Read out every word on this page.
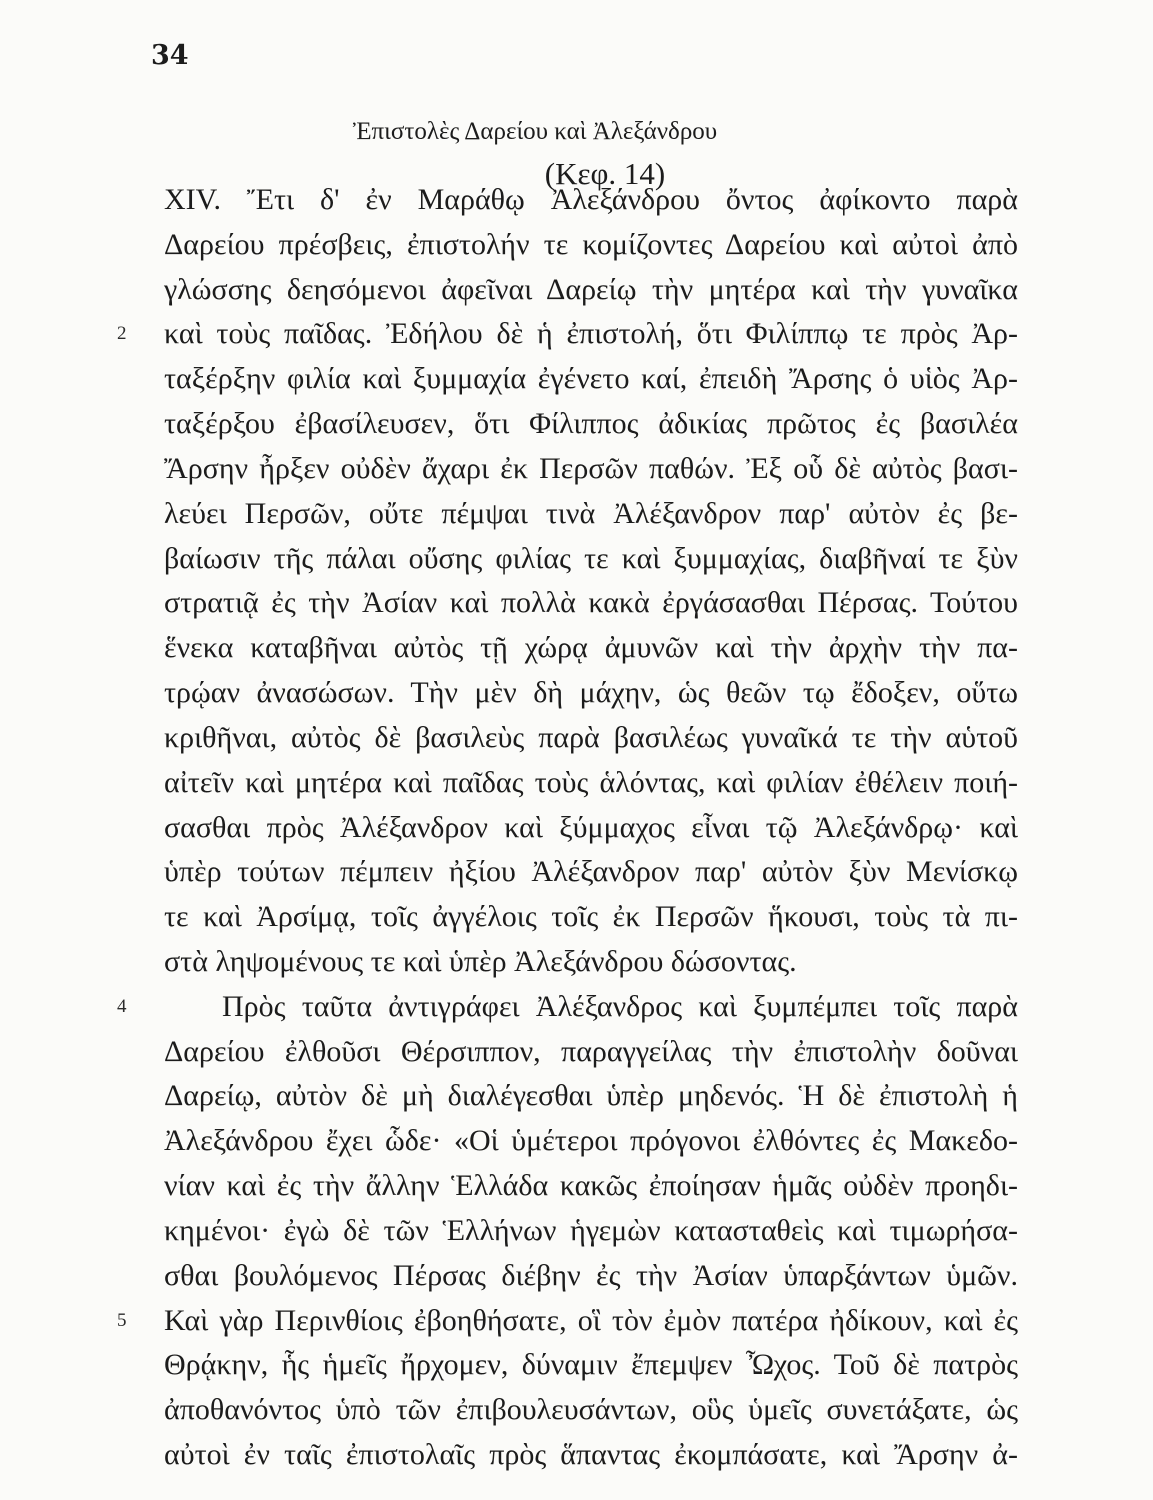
34
Ἐπιστολὲς Δαρείου καὶ Ἀλεξάνδρου
(Κεφ. 14)
2
4
5
XIV. Ἔτι δ' ἐν Μαράθῳ Ἀλεξάνδρου ὄντος ἀφίκοντο παρὰ
Δαρείου πρέσβεις, ἐπιστολήν τε κομίζοντες Δαρείου καὶ αὐτοὶ ἀπὸ
γλώσσης δεησόμενοι ἀφεῖναι Δαρείῳ τὴν μητέρα καὶ τὴν γυναῖκα
καὶ τοὺς παῖδας. Ἐδήλου δὲ ἡ ἐπιστολή, ὅτι Φιλίππῳ τε πρὸς Ἀρ-
ταξέρξην φιλία καὶ ξυμμαχία ἐγένετο καί, ἐπειδὴ Ἄρσης ὁ υἱὸς Ἀρ-
ταξέρξου ἐβασίλευσεν, ὅτι Φίλιππος ἀδικίας πρῶτος ἐς βασιλέα
Ἄρσην ἦρξεν οὐδὲν ἄχαρι ἐκ Περσῶν παθών. Ἐξ οὗ δὲ αὐτὸς βασι-
λεύει Περσῶν, οὔτε πέμψαι τινὰ Ἀλέξανδρον παρ' αὐτὸν ἐς βε-
βαίωσιν τῆς πάλαι οὔσης φιλίας τε καὶ ξυμμαχίας, διαβῆναί τε ξὺν
στρατιᾷ ἐς τὴν Ἀσίαν καὶ πολλὰ κακὰ ἐργάσασθαι Πέρσας. Τούτου
ἕνεκα καταβῆναι αὐτὸς τῇ χώρᾳ ἀμυνῶν καὶ τὴν ἀρχὴν τὴν πα-
τρῴαν ἀνασώσων. Τὴν μὲν δὴ μάχην, ὡς θεῶν τῳ ἔδοξεν, οὕτω
κριθῆναι, αὐτὸς δὲ βασιλεὺς παρὰ βασιλέως γυναῖκά τε τὴν αὑτοῦ
αἰτεῖν καὶ μητέρα καὶ παῖδας τοὺς ἁλόντας, καὶ φιλίαν ἐθέλειν ποιή-
σασθαι πρὸς Ἀλέξανδρον καὶ ξύμμαχος εἶναι τῷ Ἀλεξάνδρῳ· καὶ
ὑπὲρ τούτων πέμπειν ἠξίου Ἀλέξανδρον παρ' αὐτὸν ξὺν Μενίσκῳ
τε καὶ Ἀρσίμᾳ, τοῖς ἀγγέλοις τοῖς ἐκ Περσῶν ἥκουσι, τοὺς τὰ πι-
στὰ ληψομένους τε καὶ ὑπὲρ Ἀλεξάνδρου δώσοντας.
Πρὸς ταῦτα ἀντιγράφει Ἀλέξανδρος καὶ ξυμπέμπει τοῖς παρὰ
Δαρείου ἐλθοῦσι Θέρσιππον, παραγγείλας τὴν ἐπιστολὴν δοῦναι
Δαρείῳ, αὐτὸν δὲ μὴ διαλέγεσθαι ὑπὲρ μηδενός. Ἡ δὲ ἐπιστολὴ ἡ
Ἀλεξάνδρου ἔχει ὧδε· «Οἱ ὑμέτεροι πρόγονοι ἐλθόντες ἐς Μακεδο-
νίαν καὶ ἐς τὴν ἄλλην Ἑλλάδα κακῶς ἐποίησαν ἡμᾶς οὐδὲν προηδι-
κημένοι· ἐγὼ δὲ τῶν Ἑλλήνων ἡγεμὼν κατασταθεὶς καὶ τιμωρήσα-
σθαι βουλόμενος Πέρσας διέβην ἐς τὴν Ἀσίαν ὑπαρξάντων ὑμῶν.
Καὶ γὰρ Περινθίοις ἐβοηθήσατε, οἳ τὸν ἐμὸν πατέρα ἠδίκουν, καὶ ἐς
Θρᾴκην, ἧς ἡμεῖς ἤρχομεν, δύναμιν ἔπεμψεν Ὦχος. Τοῦ δὲ πατρὸς
ἀποθανόντος ὑπὸ τῶν ἐπιβουλευσάντων, οὓς ὑμεῖς συνετάξατε, ὡς
αὐτοὶ ἐν ταῖς ἐπιστολαῖς πρὸς ἅπαντας ἐκομπάσατε, καὶ Ἄρσην ἀ-
